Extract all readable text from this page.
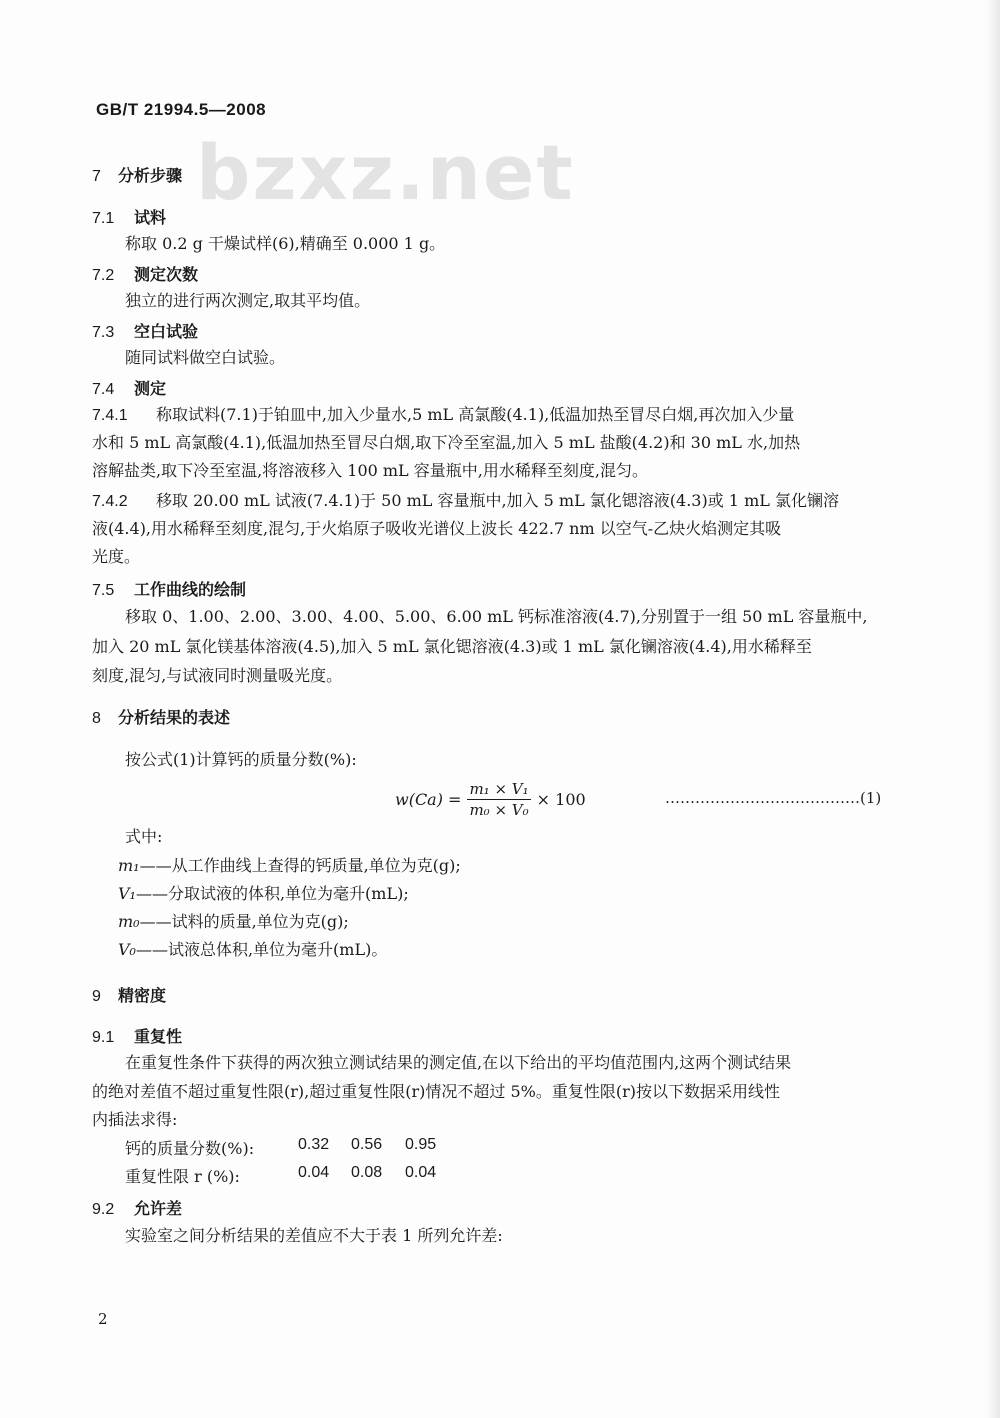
GB/T 21994.5—2008
bzxz.net
7 分析步骤
7.1 试料
称取 0.2 g 干燥试样(6),精确至 0.000 1 g。
7.2 测定次数
独立的进行两次测定,取其平均值。
7.3 空白试验
随同试料做空白试验。
7.4 测定
7.4.1 称取试料(7.1)于铂皿中,加入少量水,5 mL 高氯酸(4.1),低温加热至冒尽白烟,再次加入少量
水和 5 mL 高氯酸(4.1),低温加热至冒尽白烟,取下冷至室温,加入 5 mL 盐酸(4.2)和 30 mL 水,加热
溶解盐类,取下冷至室温,将溶液移入 100 mL 容量瓶中,用水稀释至刻度,混匀。
7.4.2 移取 20.00 mL 试液(7.4.1)于 50 mL 容量瓶中,加入 5 mL 氯化锶溶液(4.3)或 1 mL 氯化镧溶
液(4.4),用水稀释至刻度,混匀,于火焰原子吸收光谱仪上波长 422.7 nm 以空气-乙炔火焰测定其吸
光度。
7.5 工作曲线的绘制
移取 0、1.00、2.00、3.00、4.00、5.00、6.00 mL 钙标准溶液(4.7),分别置于一组 50 mL 容量瓶中,
加入 20 mL 氯化镁基体溶液(4.5),加入 5 mL 氯化锶溶液(4.3)或 1 mL 氯化镧溶液(4.4),用水稀释至
刻度,混匀,与试液同时测量吸光度。
8 分析结果的表述
按公式(1)计算钙的质量分数(%):
$w(Ca) = \frac{\text{m₁ × V₁}}{\text{m₀ × V₀}} \times 100$	…………………………………(1)
式中:
m₁——从工作曲线上查得的钙质量,单位为克(g);
V₁——分取试液的体积,单位为毫升(mL);
m₀——试料的质量,单位为克(g);
V₀——试液总体积,单位为毫升(mL)。
9 精密度
9.1 重复性
在重复性条件下获得的两次独立测试结果的测定值,在以下给出的平均值范围内,这两个测试结果
的绝对差值不超过重复性限(r),超过重复性限(r)情况不超过 5%。重复性限(r)按以下数据采用线性
内插法求得:
钙的质量分数(%):	0.32 0.56 0.95
重复性限 r (%):	0.04 0.08 0.04
9.2 允许差
实验室之间分析结果的差值应不大于表 1 所列允许差:
2
